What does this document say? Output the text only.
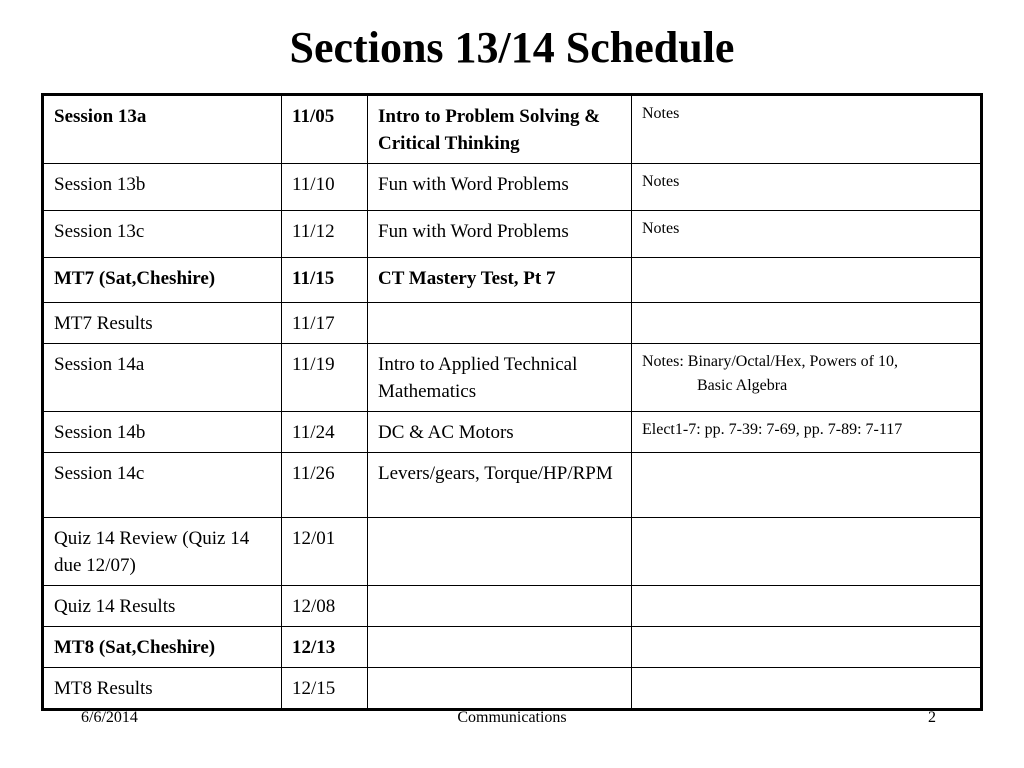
Sections 13/14 Schedule
Session 13a	11/05	Intro to Problem Solving & Critical Thinking	Notes
Session 13b	11/10	Fun with Word Problems	Notes
Session 13c	11/12	Fun with Word Problems	Notes
MT7 (Sat,Cheshire)	11/15	CT Mastery Test, Pt 7	
MT7 Results	11/17		
Session 14a	11/19	Intro to Applied Technical Mathematics	Notes: Binary/Octal/Hex, Powers of 10,
Basic Algebra

Session 14b	11/24	DC & AC Motors	Elect1-7: pp. 7-39: 7-69, pp. 7-89: 7-117
Session 14c	11/26	Levers/gears, Torque/HP/RPM	
Quiz 14 Review (Quiz 14 due 12/07)	12/01		
Quiz 14 Results	12/08		
MT8 (Sat,Cheshire)	12/13		
MT8 Results	12/15		
6/6/2014	Communications	2
